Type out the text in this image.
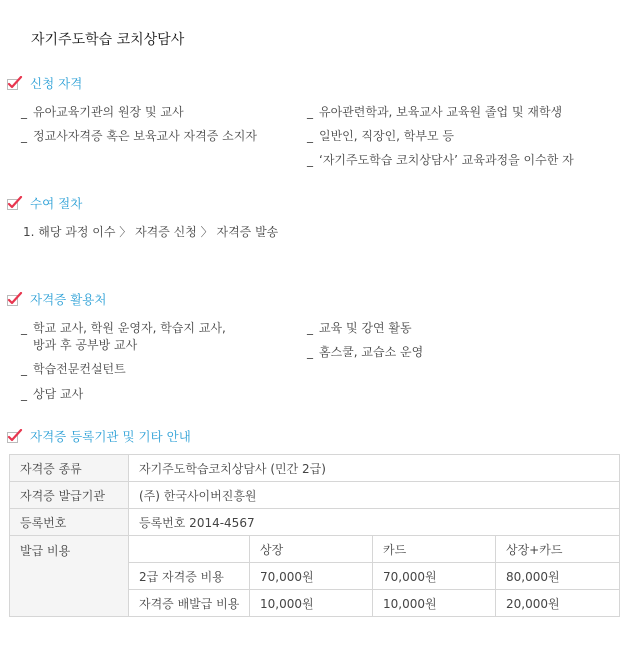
자기주도학습 코치상담사
신청 자격
_ 유아교육기관의 원장 및 교사
_ 정교사자격증 혹은 보육교사 자격증 소지자
_ 유아관련학과, 보육교사 교육원 졸업 및 재학생
_ 일반인, 직장인, 학부모 등
_ ‘자기주도학습 코치상담사’ 교육과정을 이수한 자
수여 절차
1. 해당 과정 이수 〉 자격증 신청 〉 자격증 발송
자격증 활용처
_ 학교 교사, 학원 운영자, 학습지 교사,
방과 후 공부방 교사
_ 학습전문컨설턴트
_ 상담 교사
_ 교육 및 강연 활동
_ 홈스쿨, 교습소 운영
자격증 등록기관 및 기타 안내
자격증 종류	자기주도학습코치상담사 (민간 2급)			
자격증 발급기관	(주) 한국사이버진흥원			
등록번호	등록번호 2014-4567			
발급 비용		상장	카드	상장+카드
	2급 자격증 비용	70,000원	70,000원	80,000원
	자격증 배발급 비용	10,000원	10,000원	20,000원
